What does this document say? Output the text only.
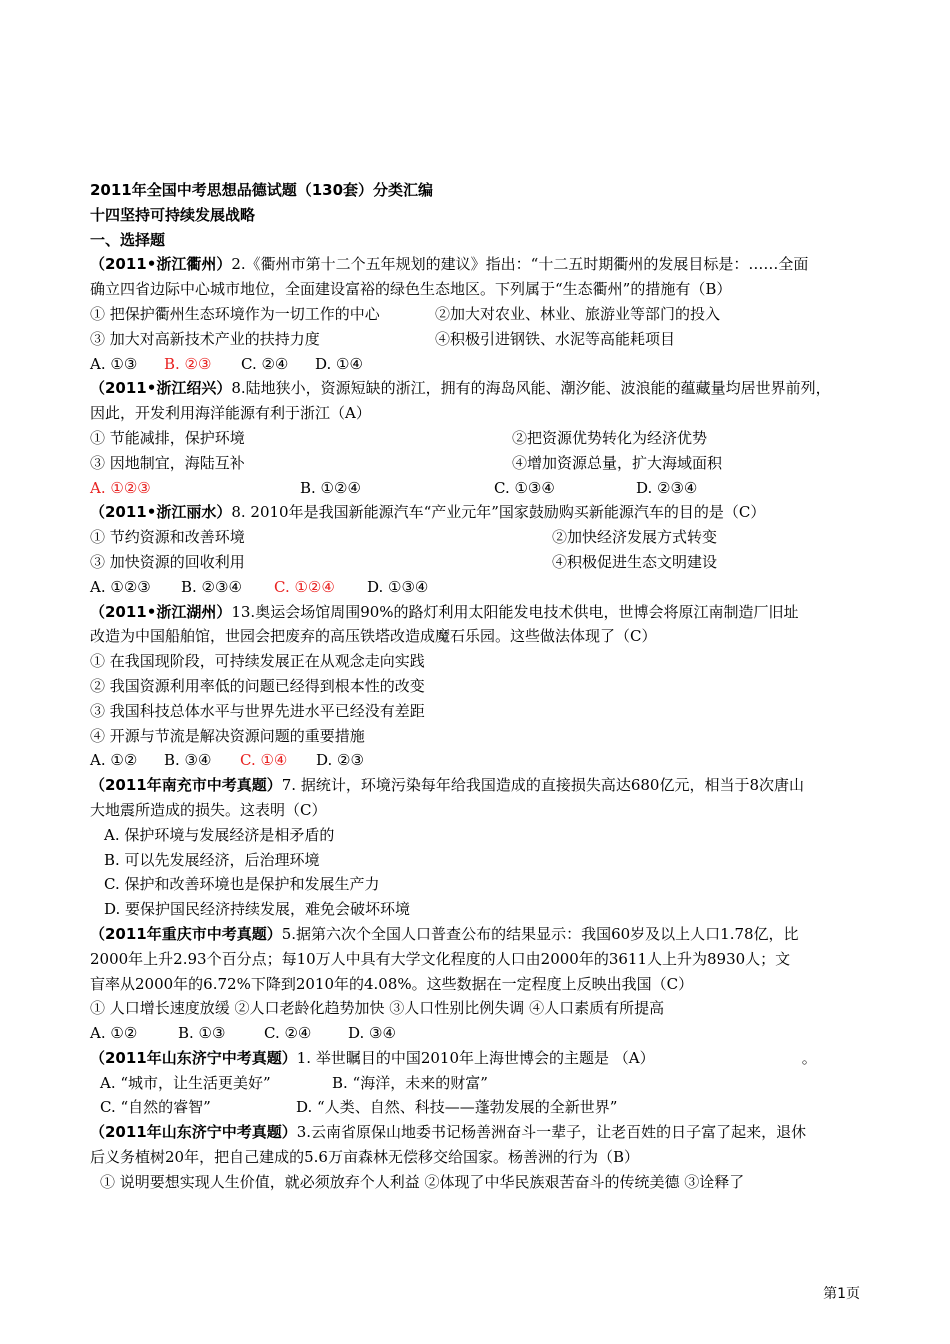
2011年全国中考思想品德试题（130套）分类汇编
十四坚持可持续发展战略
一、选择题
（2011•浙江衢州）2.《衢州市第十二个五年规划的建议》指出：“十二五时期衢州的发展目标是：……全面
确立四省边际中心城市地位，全面建设富裕的绿色生态地区。下列属于“生态衢州”的措施有（B）
① 把保护衢州生态环境作为一切工作的中心	②加大对农业、林业、旅游业等部门的投入
③ 加大对高新技术产业的扶持力度	④积极引进钢铁、水泥等高能耗项目
A. ①③ B. ②③ C. ②④ D. ①④
（2011•浙江绍兴）8.陆地狭小，资源短缺的浙江，拥有的海岛风能、潮汐能、波浪能的蕴藏量均居世界前列，
因此，开发利用海洋能源有利于浙江（A）
① 节能减排，保护环境	②把资源优势转化为经济优势
③ 因地制宜，海陆互补	④增加资源总量，扩大海域面积
A. ①②③	B. ①②④	C. ①③④	D. ②③④
（2011•浙江丽水）8. 2010年是我国新能源汽车“产业元年”国家鼓励购买新能源汽车的目的是（C）
① 节约资源和改善环境	②加快经济发展方式转变
③ 加快资源的回收利用	④积极促进生态文明建设
A. ①②③ B. ②③④ C. ①②④ D. ①③④
（2011•浙江湖州）13.奥运会场馆周围90%的路灯利用太阳能发电技术供电，世博会将原江南制造厂旧址
改造为中国船舶馆，世园会把废弃的高压铁塔改造成魔石乐园。这些做法体现了（C）
① 在我国现阶段，可持续发展正在从观念走向实践
② 我国资源利用率低的问题已经得到根本性的改变
③ 我国科技总体水平与世界先进水平已经没有差距
④ 开源与节流是解决资源问题的重要措施
A. ①② B. ③④ C. ①④ D. ②③
（2011年南充市中考真题）7. 据统计，环境污染每年给我国造成的直接损失高达680亿元，相当于8次唐山
大地震所造成的损失。这表明（C）
A. 保护环境与发展经济是相矛盾的
B. 可以先发展经济，后治理环境
C. 保护和改善环境也是保护和发展生产力
D. 要保护国民经济持续发展，难免会破坏环境
（2011年重庆市中考真题）5.据第六次个全国人口普查公布的结果显示：我国60岁及以上人口1.78亿，比
2000年上升2.93个百分点；每10万人中具有大学文化程度的人口由2000年的3611人上升为8930人；文
盲率从2000年的6.72%下降到2010年的4.08%。这些数据在一定程度上反映出我国（C）
① 人口增长速度放缓 ②人口老龄化趋势加快 ③人口性别比例失调 ④人口素质有所提高
A. ①②	B. ①③	C. ②④ D. ③④
（2011年山东济宁中考真题）1. 举世瞩目的中国2010年上海世博会的主题是 （A）	。
A. “城市，让生活更美好”	B. “海洋，未来的财富”
C. “自然的睿智”	D. “人类、自然、科技——蓬勃发展的全新世界”
（2011年山东济宁中考真题）3.云南省原保山地委书记杨善洲奋斗一辈子，让老百姓的日子富了起来，退休
后义务植树20年，把自己建成的5.6万亩森林无偿移交给国家。杨善洲的行为（B）
① 说明要想实现人生价值，就必须放弃个人利益 ②体现了中华民族艰苦奋斗的传统美德 ③诠释了
第1页
